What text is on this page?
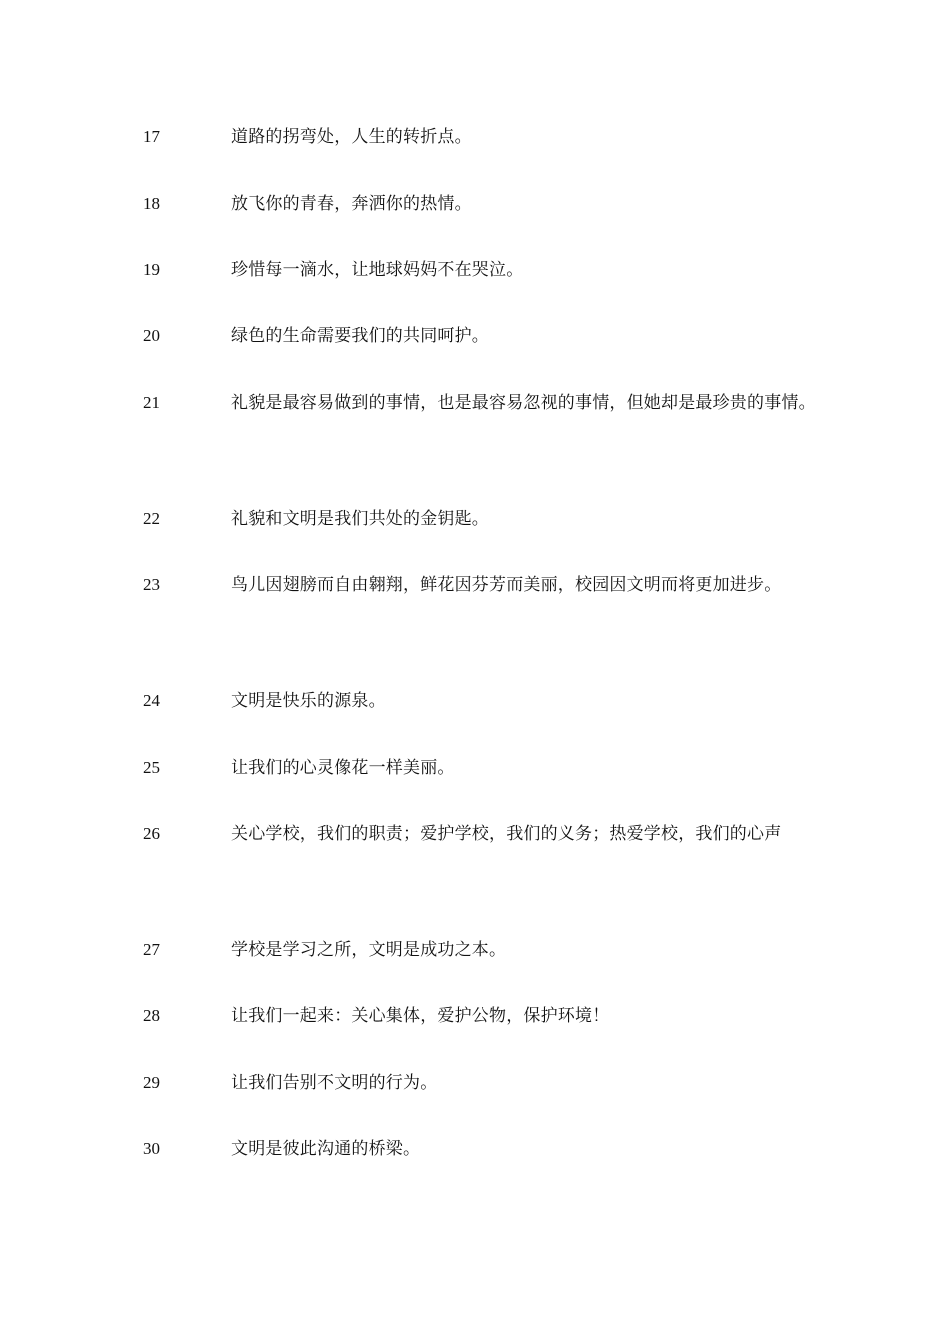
17	道路的拐弯处，人生的转折点。
18	放飞你的青春，奔洒你的热情。
19	珍惜每一滴水，让地球妈妈不在哭泣。
20	绿色的生命需要我们的共同呵护。
21	礼貌是最容易做到的事情，也是最容易忽视的事情，但她却是最珍贵的事情。
22	礼貌和文明是我们共处的金钥匙。
23	鸟儿因翅膀而自由翱翔，鲜花因芬芳而美丽，校园因文明而将更加进步。
24	文明是快乐的源泉。
25	让我们的心灵像花一样美丽。
26	关心学校，我们的职责；爱护学校，我们的义务；热爱学校，我们的心声
27	学校是学习之所，文明是成功之本。
28	让我们一起来：关心集体，爱护公物，保护环境！
29	让我们告别不文明的行为。
30	文明是彼此沟通的桥梁。
